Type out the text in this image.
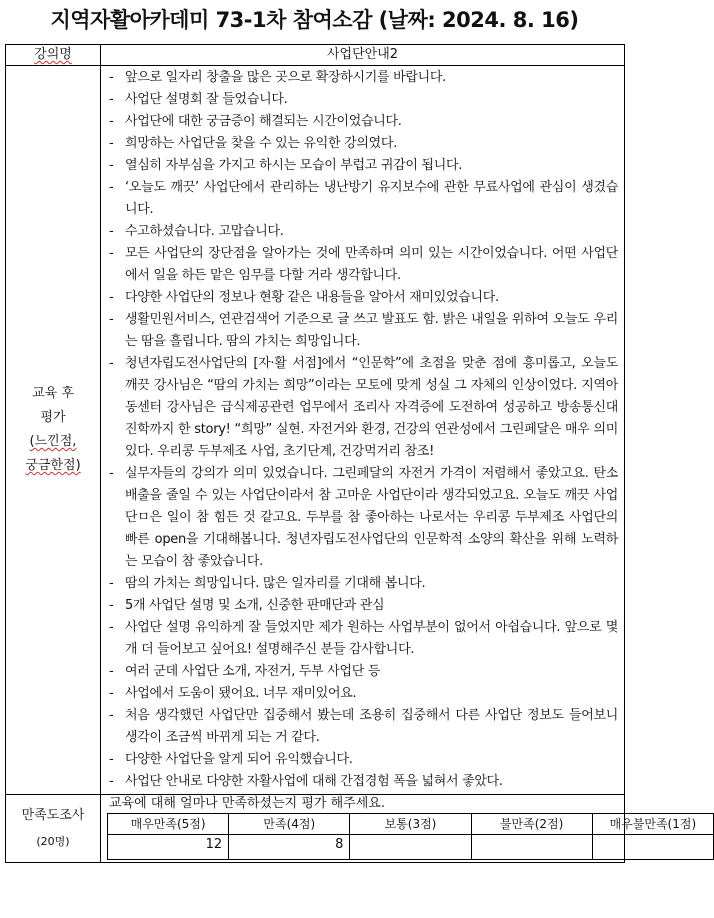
지역자활아카데미 73-1차 참여소감 (날짜: 2024. 8. 16)
강의명	사업단안내2

교육 후
평가
(느낀점,
궁금한점)

- 앞으로 일자리 창출을 많은 곳으로 확장하시기를 바랍니다.
- 사업단 설명회 잘 들었습니다.
- 사업단에 대한 궁금증이 해결되는 시간이었습니다.
- 희망하는 사업단을 찾을 수 있는 유익한 강의였다.
- 열심히 자부심을 가지고 하시는 모습이 부럽고 귀감이 됩니다.
- ‘오늘도 깨끗’ 사업단에서 관리하는 냉난방기 유지보수에 관한 무료사업에 관심이 생겼습니다.
- 수고하셨습니다. 고맙습니다.
- 모든 사업단의 장단점을 알아가는 것에 만족하며 의미 있는 시간이었습니다. 어떤 사업단에서 일을 하든 맡은 임무를 다할 거라 생각합니다.
- 다양한 사업단의 정보나 현황 같은 내용들을 알아서 재미있었습니다.
- 생활민원서비스, 연관검색어 기준으로 글 쓰고 발표도 함. 밝은 내일을 위하여 오늘도 우리는 땀을 흘립니다. 땀의 가치는 희망입니다.
- 청년자립도전사업단의 [자·활 서점]에서 “인문학”에 초점을 맞춘 점에 흥미롭고, 오늘도 깨끗 강사님은 “땀의 가치는 희망”이라는 모토에 맞게 성실 그 자체의 인상이었다. 지역아동센터 강사님은 급식제공관련 업무에서 조리사 자격증에 도전하여 성공하고 방송통신대 진학까지 한 story! “희망” 실현. 자전거와 환경, 건강의 연관성에서 그린페달은 매우 의미 있다. 우리콩 두부제조 사업, 초기단계, 건강먹거리 참조!
- 실무자들의 강의가 의미 있었습니다. 그린페달의 자전거 가격이 저렴해서 좋았고요. 탄소배출을 줄일 수 있는 사업단이라서 참 고마운 사업단이라 생각되었고요. 오늘도 깨끗 사업단ㅁ은 일이 참 힘든 것 같고요. 두부를 참 좋아하는 나로서는 우리콩 두부제조 사업단의 빠른 open을 기대해봅니다. 청년자립도전사업단의 인문학적 소양의 확산을 위해 노력하는 모습이 참 좋았습니다.
- 땀의 가치는 희망입니다. 많은 일자리를 기대해 봅니다.
- 5개 사업단 설명 및 소개, 신중한 판매단과 관심
- 사업단 설명 유익하게 잘 들었지만 제가 원하는 사업부분이 없어서 아쉽습니다. 앞으로 몇 개 더 들어보고 싶어요! 설명해주신 분들 감사합니다.
- 여러 군데 사업단 소개, 자전거, 두부 사업단 등
- 사업에서 도움이 됐어요. 너무 재미있어요.
- 처음 생각했던 사업단만 집중해서 봤는데 조용히 집중해서 다른 사업단 정보도 들어보니 생각이 조금씩 바뀌게 되는 거 같다.
- 다양한 사업단을 알게 되어 유익했습니다.
- 사업단 안내로 다양한 자활사업에 대해 간접경험 폭을 넓혀서 좋았다.

만족도조사
(20명)

교육에 대해 얼마나 만족하셨는지 평가 해주세요.
매우만족(5점)	만족(4점)	보통(3점)	불만족(2점)	매우불만족(1점)
12	8			
